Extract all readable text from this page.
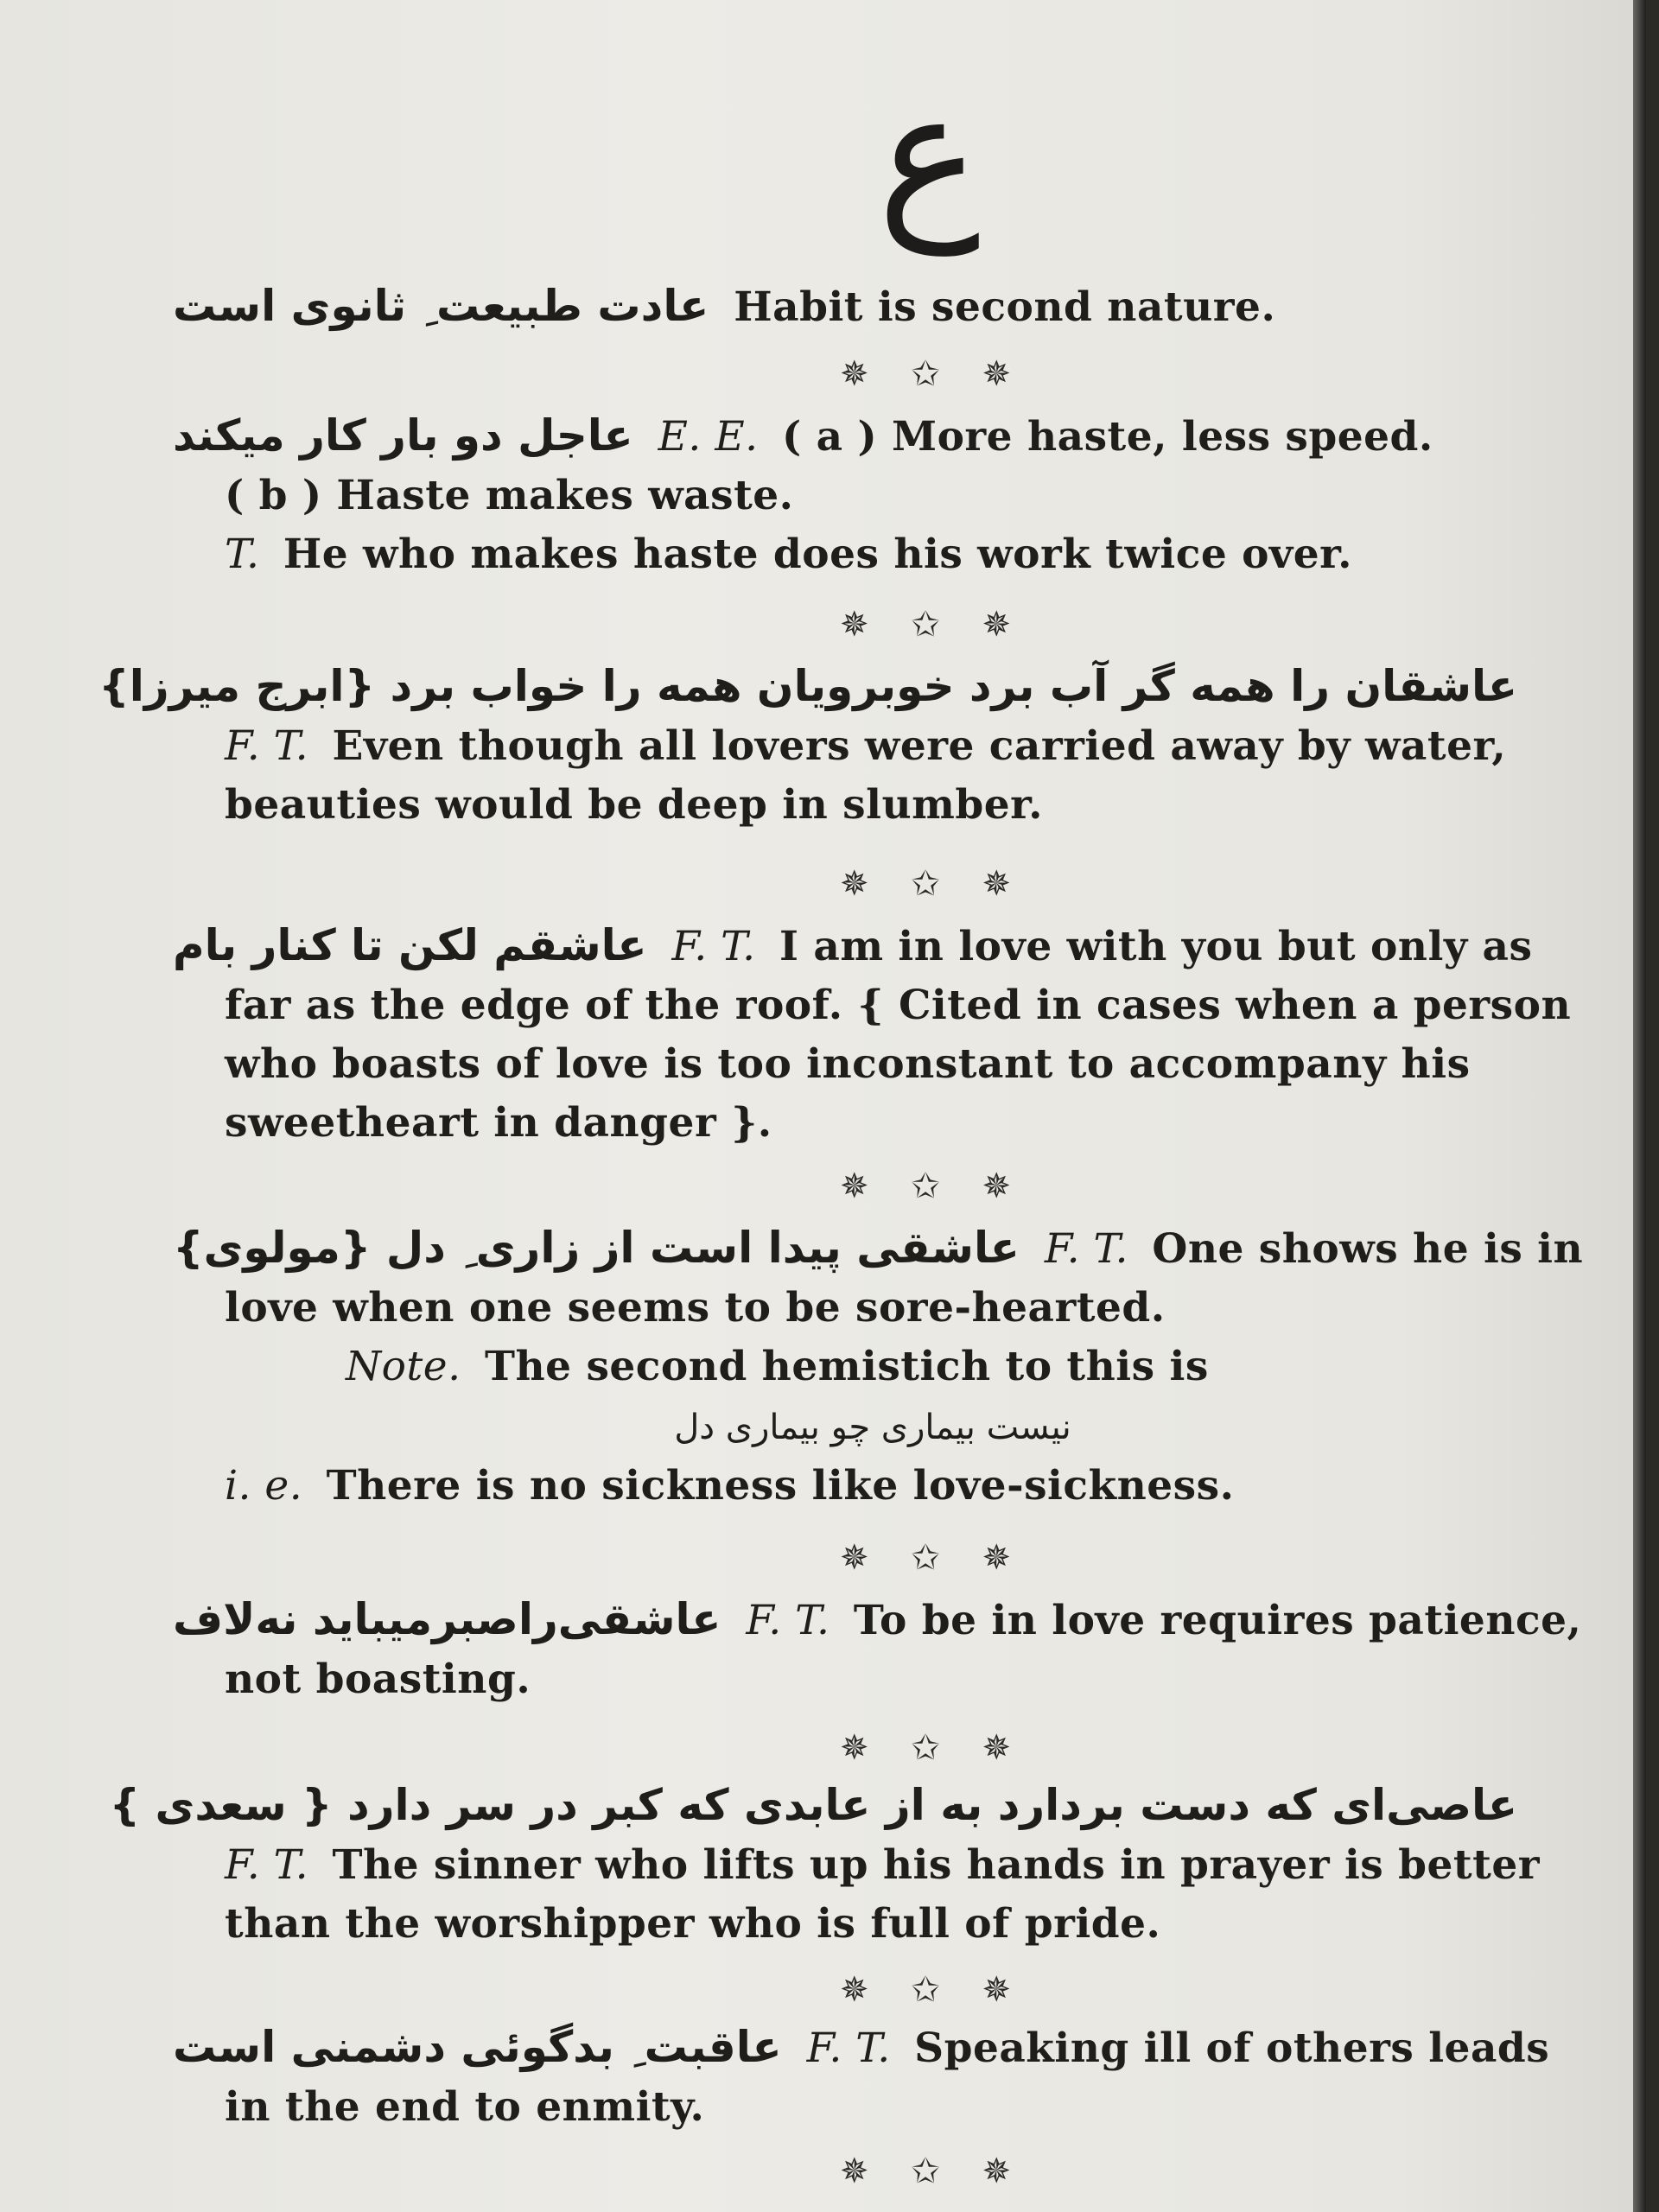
ع
عادت طبیعت ِ ثانوی است Habit is second nature.
✵ ✩ ✵
عاجل دو بار کار میکند E. E. ( a ) More haste, less speed.
( b ) Haste makes waste.
T. He who makes haste does his work twice over.
✵ ✩ ✵
عاشقان را همه گر آب برد خوبرویان همه را خواب برد {ابرج میرزا}
F. T. Even though all lovers were carried away by water,
beauties would be deep in slumber.
✵ ✩ ✵
عاشقم لکن تا کنار بام F. T. I am in love with you but only as
far as the edge of the roof. { Cited in cases when a person
who boasts of love is too inconstant to accompany his
sweetheart in danger }.
✵ ✩ ✵
عاشقی پیدا است از زاری ِ دل {مولوی} F. T. One shows he is in
love when one seems to be sore-hearted.
Note. The second hemistich to this is
نیست بیماری چو بیماری دل
i. e. There is no sickness like love-sickness.
✵ ✩ ✵
عاشقی‌راصبرمیباید نه‌لاف F. T. To be in love requires patience,
not boasting.
✵ ✩ ✵
عاصی‌ای که دست بردارد به از عابدی که کبر در سر دارد { سعدی }
F. T. The sinner who lifts up his hands in prayer is better
than the worshipper who is full of pride.
✵ ✩ ✵
عاقبت ِ بدگوئی دشمنی است F. T. Speaking ill of others leads
in the end to enmity.
✵ ✩ ✵
